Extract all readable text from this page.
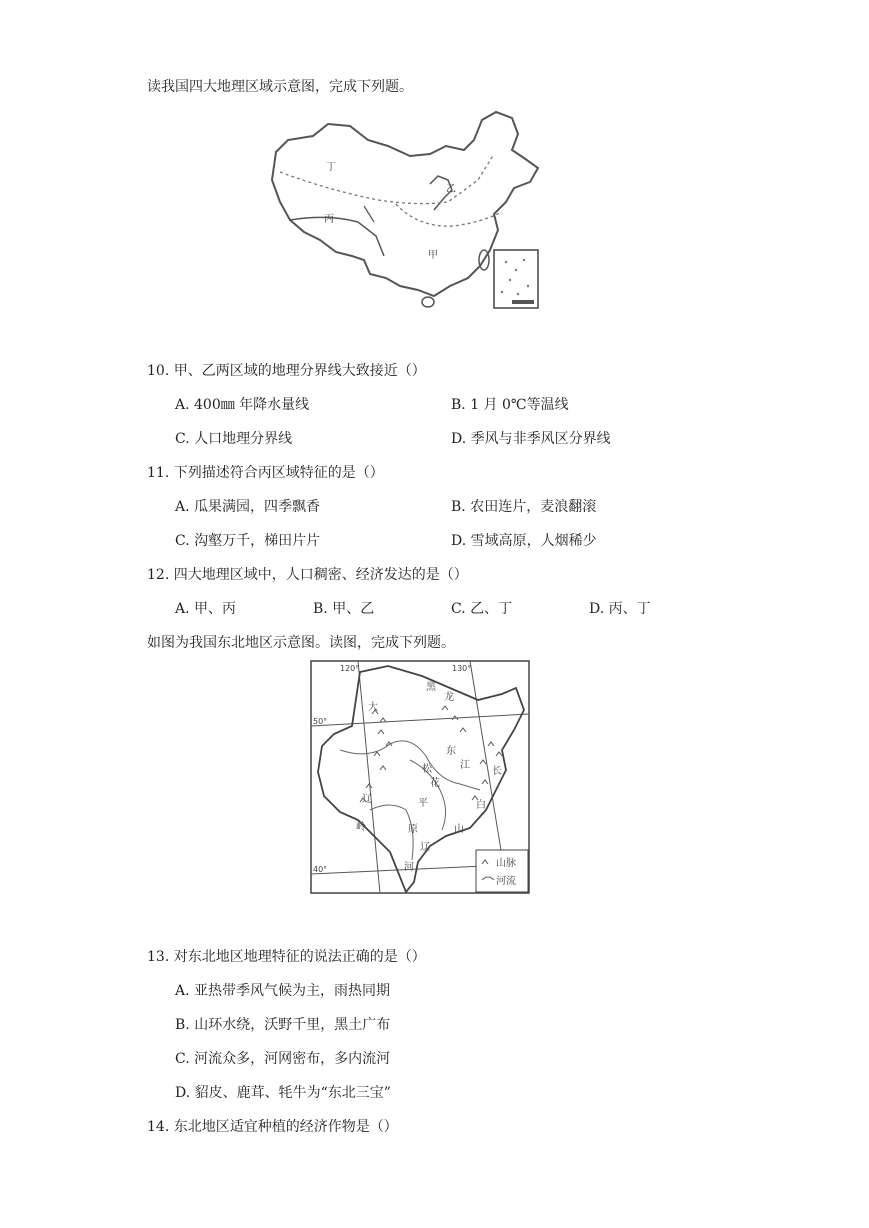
读我国四大地理区域示意图，完成下列题。
丁
乙
丙
甲
10. 甲、乙两区域的地理分界线大致接近（）
A. 400㎜ 年降水量线	B. 1 月 0℃等温线
C. 人口地理分界线	D. 季风与非季风区分界线
11. 下列描述符合丙区域特征的是（）
A. 瓜果满园，四季飘香	B. 农田连片，麦浪翻滚
C. 沟壑万千，梯田片片	D. 雪域高原，人烟稀少
12. 四大地理区域中，人口稠密、经济发达的是（）
A. 甲、丙	B. 甲、乙	C. 乙、丁	D. 丙、丁
如图为我国东北地区示意图。读图，完成下列题。
山脉
河流
120°	130°
50°
40°
黑
龙
大
东
江
松
花
长
辽	平	白
岭	原	山
辽
河
13. 对东北地区地理特征的说法正确的是（）
A. 亚热带季风气候为主，雨热同期
B. 山环水绕，沃野千里，黑土广布
C. 河流众多，河网密布，多内流河
D. 貂皮、鹿茸、牦牛为“东北三宝”
14. 东北地区适宜种植的经济作物是（）
